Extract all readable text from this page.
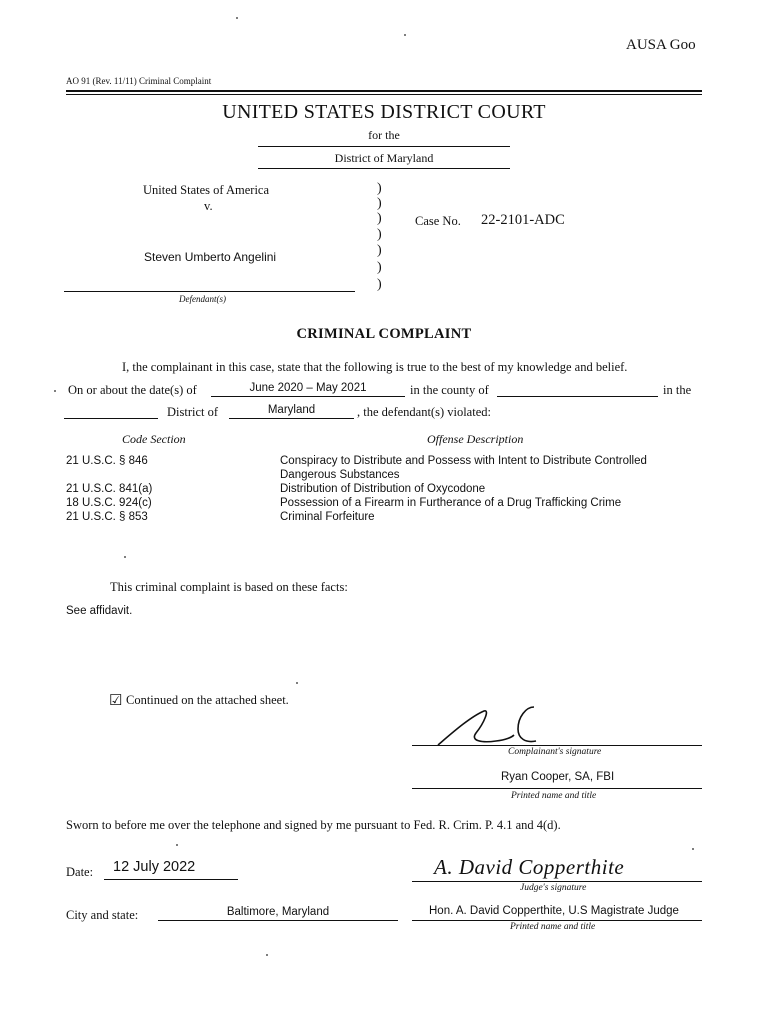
AUSA Goo
AO 91 (Rev. 11/11) Criminal Complaint
UNITED STATES DISTRICT COURT
for the
District of Maryland
United States of America
v.
Steven Umberto Angelini
Defendant(s)
)
)
)
)
)
)
)
Case No. 22-2101-ADC
CRIMINAL COMPLAINT
I, the complainant in this case, state that the following is true to the best of my knowledge and belief.
On or about the date(s) of	June 2020 – May 2021	in the county of	in the
District of	Maryland	, the defendant(s) violated:
Code Section	Offense Description
21 U.S.C. § 846	Conspiracy to Distribute and Possess with Intent to Distribute Controlled
Dangerous Substances
21 U.S.C. 841(a)	Distribution of Distribution of Oxycodone
18 U.S.C. 924(c)	Possession of a Firearm in Furtherance of a Drug Trafficking Crime
21 U.S.C. § 853	Criminal Forfeiture
This criminal complaint is based on these facts:
See affidavit.
☑ Continued on the attached sheet.
Complainant's signature
Ryan Cooper, SA, FBI
Printed name and title
Sworn to before me over the telephone and signed by me pursuant to Fed. R. Crim. P. 4.1 and 4(d).
Date: 12 July 2022	A. David Copperthite
Judge's signature
City and state:	Baltimore, Maryland	Hon. A. David Copperthite, U.S Magistrate Judge
Printed name and title
